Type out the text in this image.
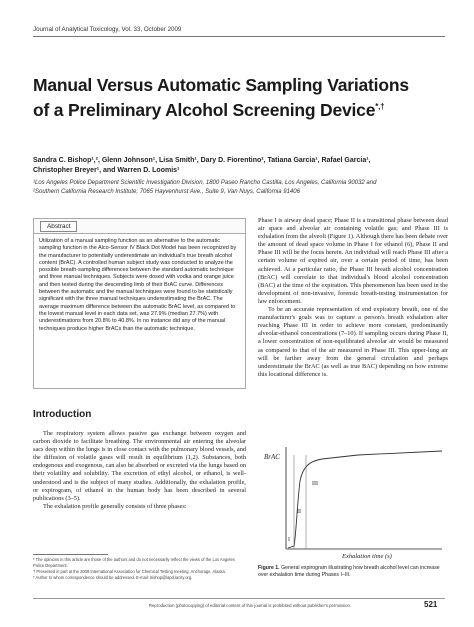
Journal of Analytical Toxicology, Vol. 33, October 2009
Manual Versus Automatic Sampling Variations
of a Preliminary Alcohol Screening Device*,†
Sandra C. Bishop¹,², Glenn Johnson¹, Lisa Smith¹, Dary D. Fiorentino², Tatiana Garcia¹, Rafael Garcia¹,
Christopher Breyer¹, and Warren D. Loomis¹
¹Los Angeles Police Department Scientific Investigation Division, 1800 Paseo Rancho Castilla, Los Angeles, California 90032 and
²Southern California Research Institute, 7065 Hayvenhurst Ave., Suite 9, Van Nuys, California 91406
Abstract
Utilization of a manual sampling function as an alternative to the automatic sampling function in the Alco-Sensor IV Black Dot Model has been recognized by the manufacturer to potentially underestimate an individual's true breath alcohol content (BrAC). A controlled human subject study was conducted to analyze the possible breath-sampling differences between the standard automatic technique and three manual techniques. Subjects were dosed with vodka and orange juice and then tested during the descending limb of their BrAC curve. Differences between the automatic and the manual techniques were found to be statistically significant with the three manual techniques underestimating the BrAC. The average maximum difference between the automatic BrAC level, as compared to the lowest manual level in each data set, was 27.9% (median 27.7%) with underestimations from 20.8% to 40.8%. In no instance did any of the manual techniques produce higher BrACs than the automatic technique.
Introduction

The respiratory system allows passive gas exchange between oxygen and carbon dioxide to facilitate breathing. The environmental air entering the alveolar sacs deep within the lungs is in close contact with the pulmonary blood vessels, and the diffusion of volatile gases will result in equilibrium (1,2). Substances, both endogenous and exogenous, can also be absorbed or excreted via the lungs based on their volatility and solubility. The excretion of ethyl alcohol, or ethanol, is well-understood and is the subject of many studies. Additionally, the exhalation profile, or expirogram, of ethanol in the human body has been described in several publications (3–5).

The exhalation profile generally consists of three phases:

* The opinions in this article are those of the authors and do not necessarily reflect the views of the Los Angeles Police Department.
† Presented in part at the 2008 International Association for Chemical Testing meeting, Anchorage, Alaska.
* Author to whom correspondence should be addressed. E-mail: bishop@lapd.lacity.org.

Phase I is airway dead space; Phase II is a transitional phase between dead air space and alveolar air containing volatile gas; and Phase III is exhalation from the alveoli (Figure 1). Although there has been debate over the amount of dead space volume in Phase I for ethanol (6), Phase II and Phase III will be the focus herein. An individual will reach Phase III after a certain volume of expired air, over a certain period of time, has been achieved. At a particular ratio, the Phase III breath alcohol concentration (BrAC) will correlate to that individual's blood alcohol concentration (BAC) at the time of the expiration. This phenomenon has been used in the development of non-invasive, forensic breath-testing instrumentation for law enforcement.

To be an accurate representation of end expiratory breath, one of the manufacturer's goals was to capture a person's breath exhalation after reaching Phase III in order to achieve more constant, predominantly alveolar-ethanol concentrations (7–10). If sampling occurs during Phase II, a lower concentration of non-equilibrated alveolar air would be measured as compared to that of the air measured in Phase III. This upper-lung air will be farther away from the general circulation and perhaps underestimate the BrAC (as well as true BAC) depending on how extreme this locational difference is.

BrAC
Exhalation time (s)
I
II
III
Figure 1. General expirogram illustrating how breath alcohol level can increase over exhalation time during Phases I–III.
Reproduction (photocopying) of editorial content of this journal is prohibited without publisher's permission.	521
